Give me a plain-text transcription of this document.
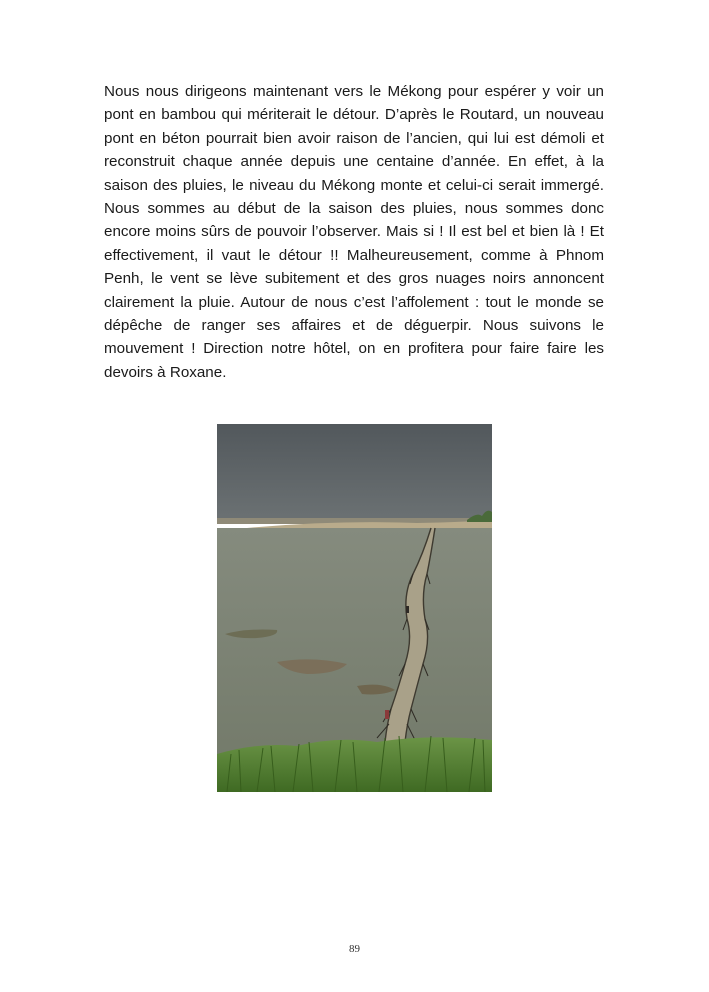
Nous nous dirigeons maintenant vers le Mékong pour espérer y voir un pont en bambou qui mériterait le détour. D’après le Routard, un nouveau pont en béton pourrait bien avoir raison de l’ancien, qui lui est démoli et reconstruit chaque année depuis une centaine d’année. En effet, à la saison des pluies, le niveau du Mékong monte et celui-ci serait immergé. Nous sommes au début de la saison des pluies, nous sommes donc encore moins sûrs de pouvoir l’observer. Mais si ! Il est bel et bien là ! Et effectivement, il vaut le détour !! Malheureusement, comme à Phnom Penh, le vent se lève subitement et des gros nuages noirs annoncent clairement la pluie. Autour de nous c’est l’affolement : tout le monde se dépêche de ranger ses affaires et de déguerpir. Nous suivons le mouvement ! Direction notre hôtel, on en profitera pour faire faire les devoirs à Roxane.

89
